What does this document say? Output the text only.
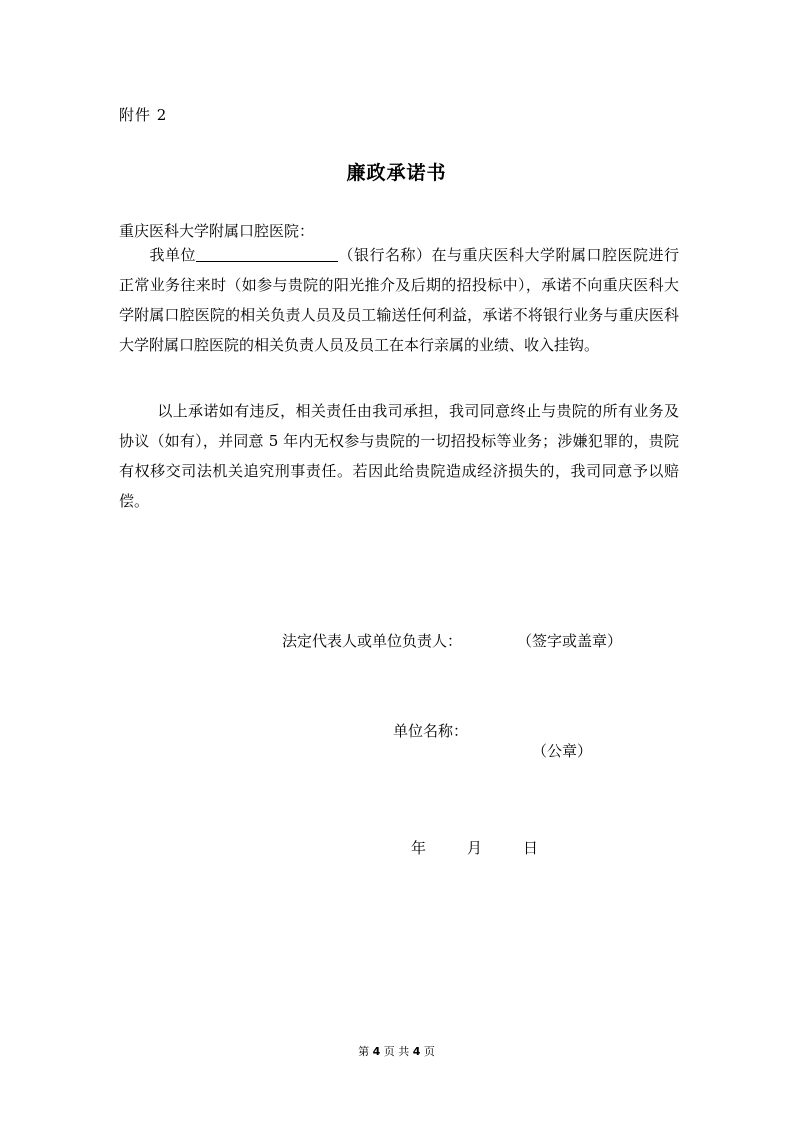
附件 2
廉政承诺书
重庆医科大学附属口腔医院：
我单位	（银行名称）在与重庆医科大学附属口腔医院进行正常业务往来时（如参与贵院的阳光推介及后期的招投标中），承诺不向重庆医科大学附属口腔医院的相关负责人员及员工输送任何利益，承诺不将银行业务与重庆医科大学附属口腔医院的相关负责人员及员工在本行亲属的业绩、收入挂钩。
以上承诺如有违反，相关责任由我司承担，我司同意终止与贵院的所有业务及协议（如有），并同意 5 年内无权参与贵院的一切招投标等业务；涉嫌犯罪的，贵院有权移交司法机关追究刑事责任。若因此给贵院造成经济损失的，我司同意予以赔偿。
法定代表人或单位负责人：	（签字或盖章）
单位名称：
（公章）
年	月	日
第 4 页 共 4 页
